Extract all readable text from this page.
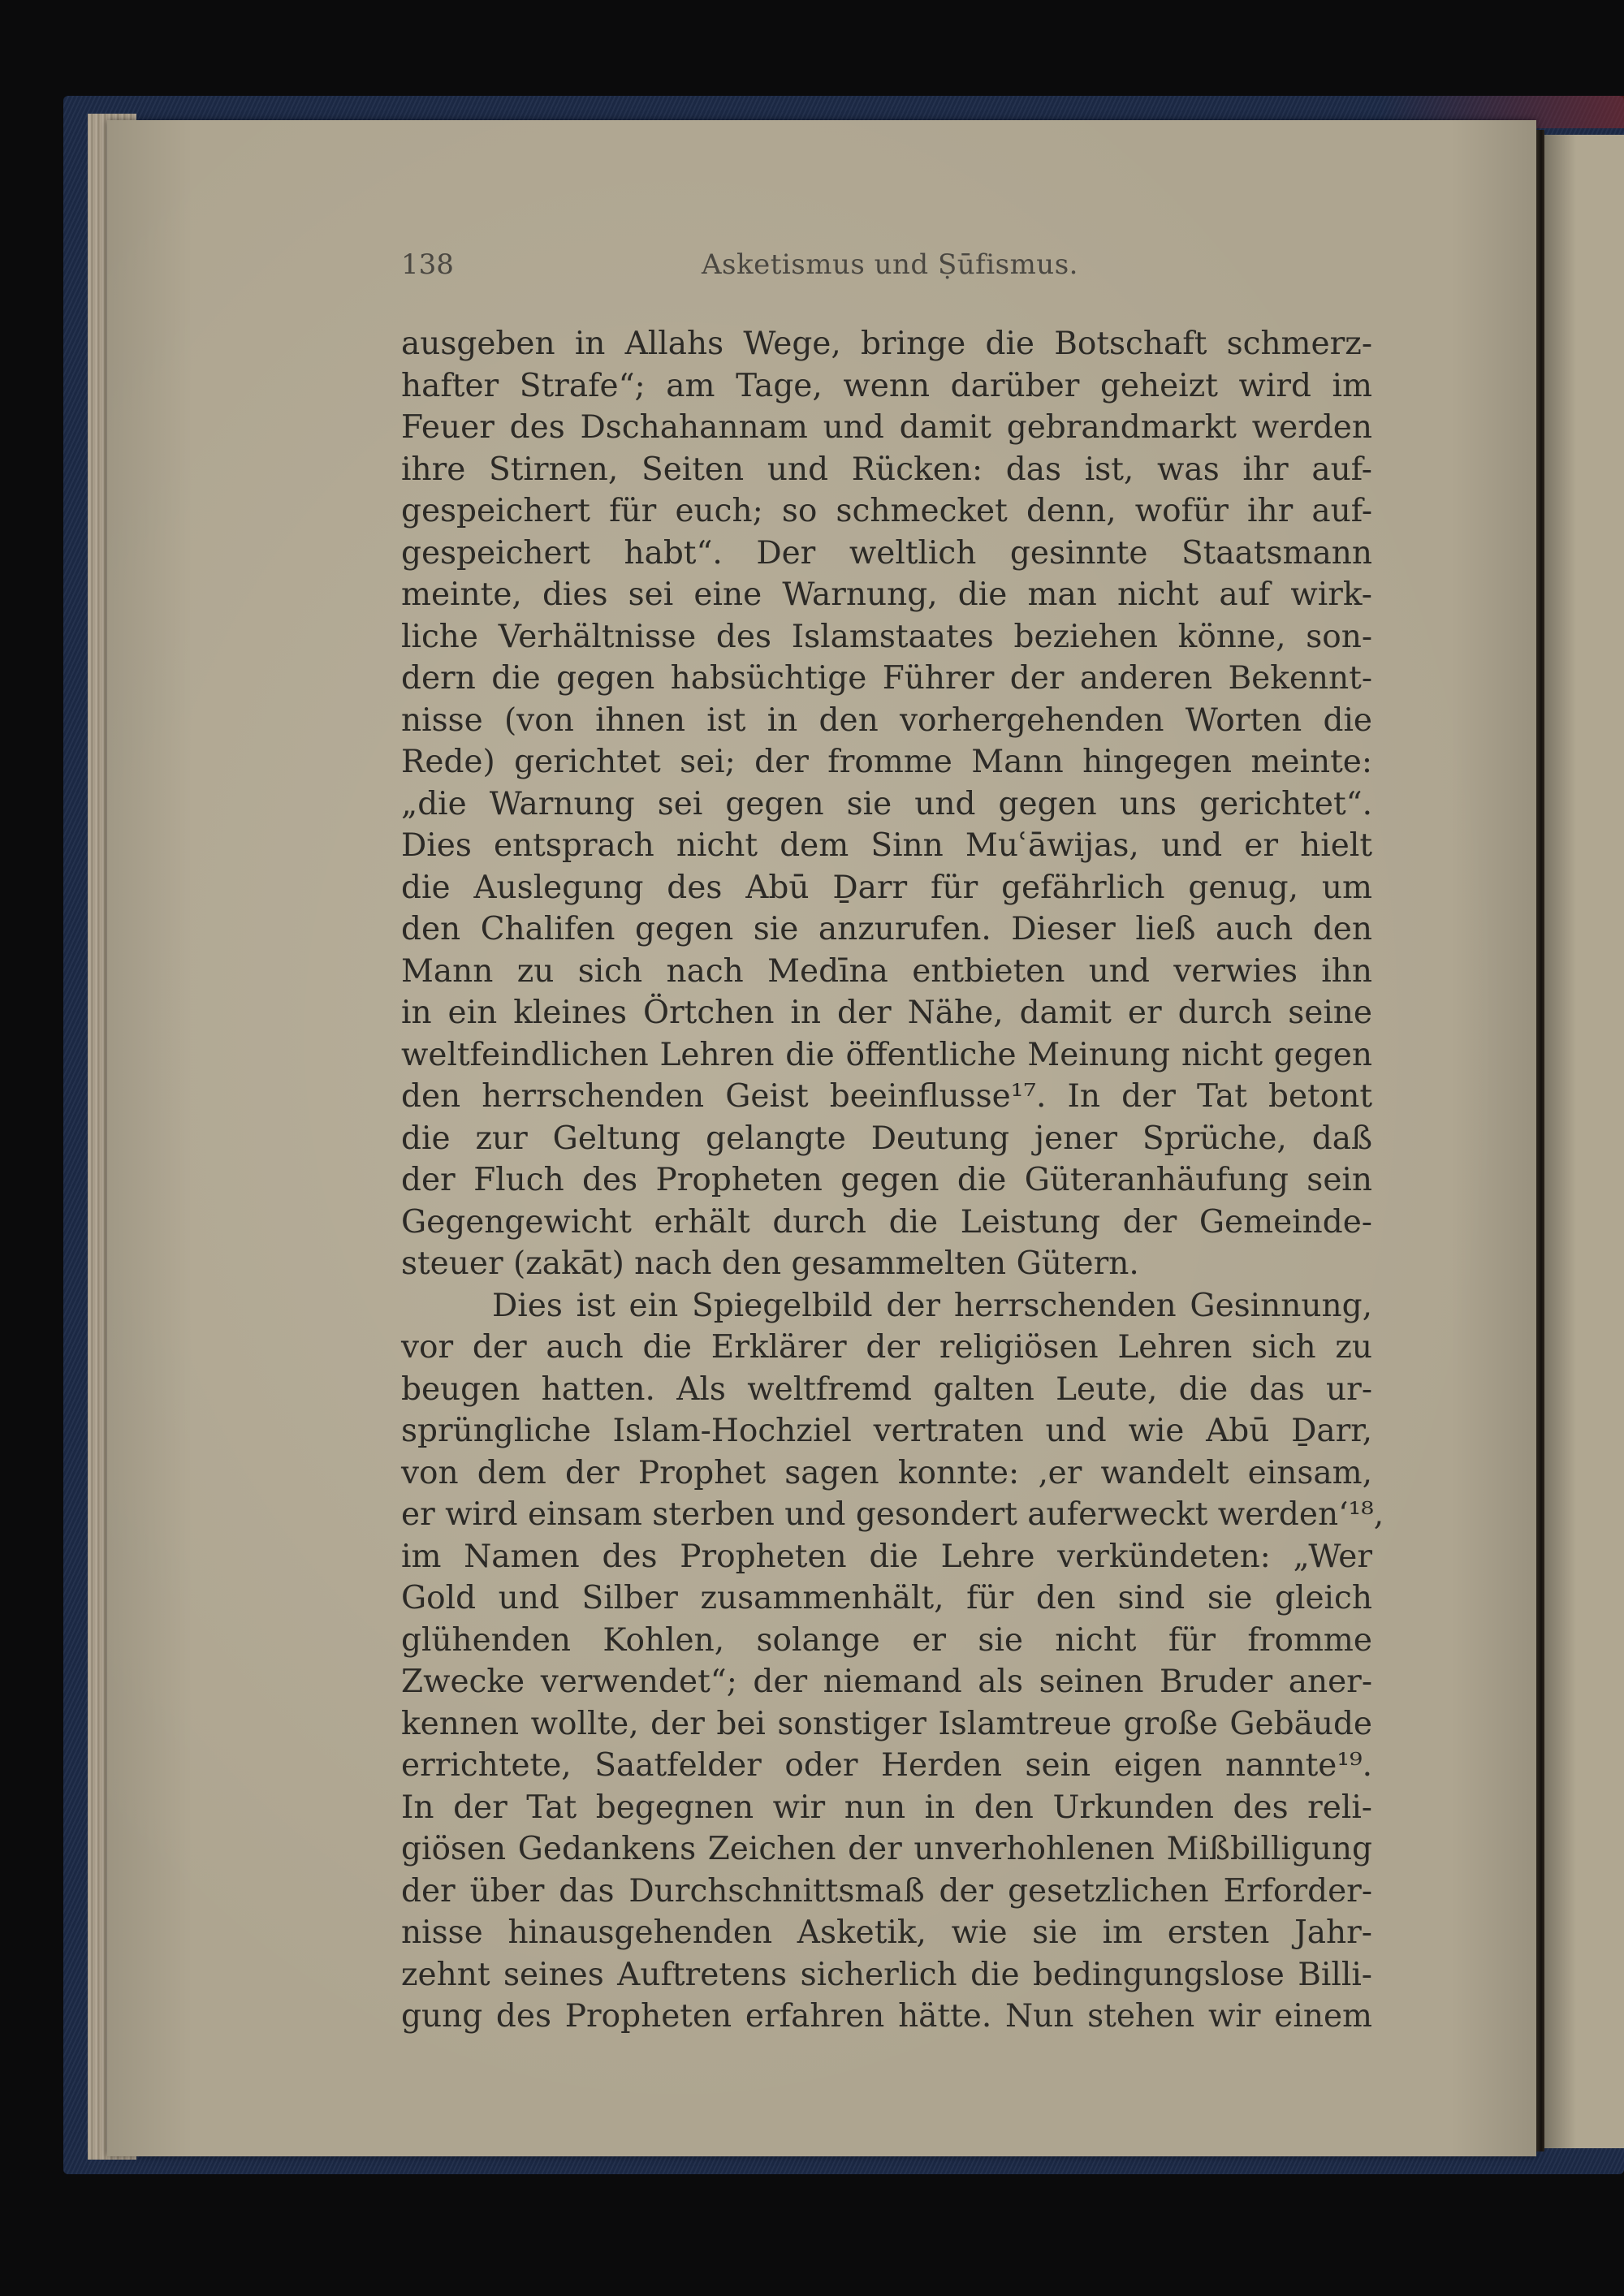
138	Asketismus und Ṣūfismus.
ausgeben in Allahs Wege, bringe die Botschaft schmerz-
hafter Strafe“; am Tage, wenn darüber geheizt wird im
Feuer des Dschahannam und damit gebrandmarkt werden
ihre Stirnen, Seiten und Rücken: das ist, was ihr auf-
gespeichert für euch; so schmecket denn, wofür ihr auf-
gespeichert habt“. Der weltlich gesinnte Staatsmann
meinte, dies sei eine Warnung, die man nicht auf wirk-
liche Verhältnisse des Islamstaates beziehen könne, son-
dern die gegen habsüchtige Führer der anderen Bekennt-
nisse (von ihnen ist in den vorhergehenden Worten die
Rede) gerichtet sei; der fromme Mann hingegen meinte:
„die Warnung sei gegen sie und gegen uns gerichtet“.
Dies entsprach nicht dem Sinn Muʿāwijas, und er hielt
die Auslegung des Abū Ḏarr für gefährlich genug, um
den Chalifen gegen sie anzurufen. Dieser ließ auch den
Mann zu sich nach Medīna entbieten und verwies ihn
in ein kleines Örtchen in der Nähe, damit er durch seine
weltfeindlichen Lehren die öffentliche Meinung nicht gegen
den herrschenden Geist beeinflusse¹⁷. In der Tat betont
die zur Geltung gelangte Deutung jener Sprüche, daß
der Fluch des Propheten gegen die Güteranhäufung sein
Gegengewicht erhält durch die Leistung der Gemeinde-
steuer (zakāt) nach den gesammelten Gütern.
Dies ist ein Spiegelbild der herrschenden Gesinnung,
vor der auch die Erklärer der religiösen Lehren sich zu
beugen hatten. Als weltfremd galten Leute, die das ur-
sprüngliche Islam-Hochziel vertraten und wie Abū Ḏarr,
von dem der Prophet sagen konnte: ‚er wandelt einsam,
er wird einsam sterben und gesondert auferweckt werden‘¹⁸,
im Namen des Propheten die Lehre verkündeten: „Wer
Gold und Silber zusammenhält, für den sind sie gleich
glühenden Kohlen, solange er sie nicht für fromme
Zwecke verwendet“; der niemand als seinen Bruder aner-
kennen wollte, der bei sonstiger Islamtreue große Gebäude
errichtete, Saatfelder oder Herden sein eigen nannte¹⁹.
In der Tat begegnen wir nun in den Urkunden des reli-
giösen Gedankens Zeichen der unverhohlenen Mißbilligung
der über das Durchschnittsmaß der gesetzlichen Erforder-
nisse hinausgehenden Asketik, wie sie im ersten Jahr-
zehnt seines Auftretens sicherlich die bedingungslose Billi-
gung des Propheten erfahren hätte. Nun stehen wir einem
